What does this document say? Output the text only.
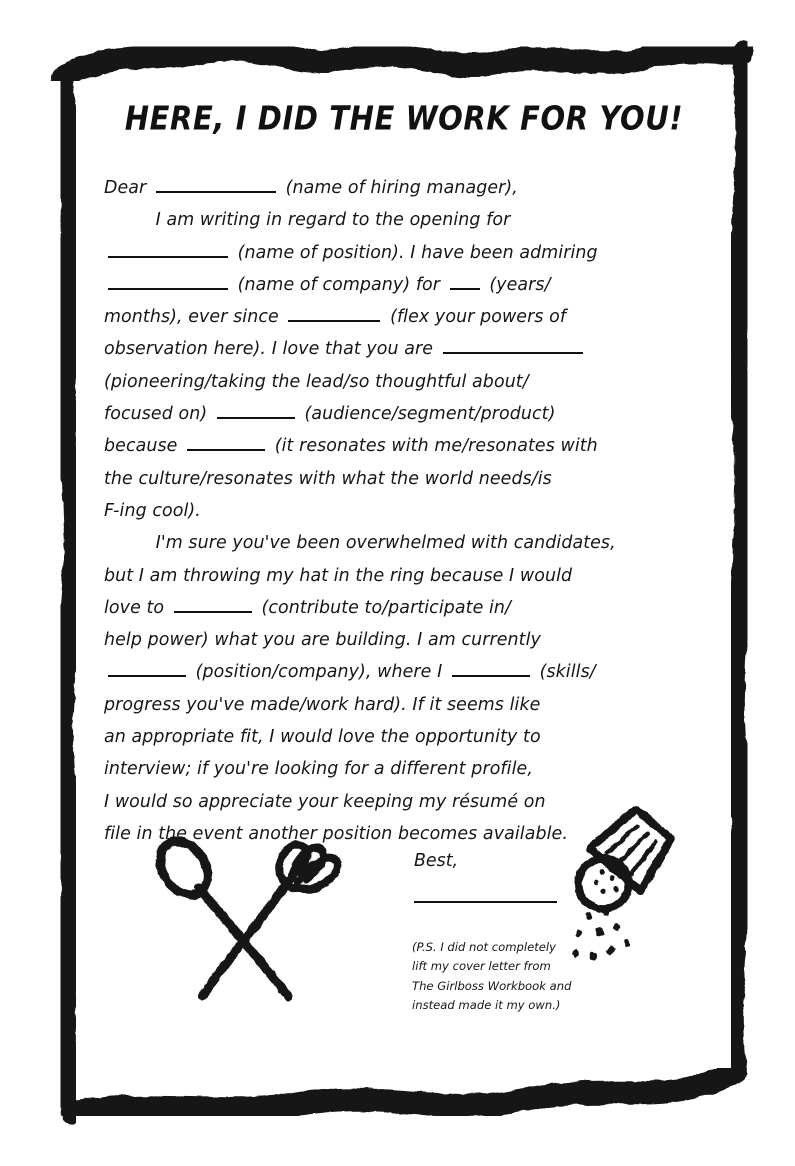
HERE, I DID THE WORK FOR YOU!
Dear	(name of hiring manager),
I am writing in regard to the opening for
(name of position). I have been admiring
(name of company) for	(years/
months), ever since	(flex your powers of
observation here). I love that you are
(pioneering/taking the lead/so thoughtful about/
focused on)	(audience/segment/product)
because	(it resonates with me/resonates with
the culture/resonates with what the world needs/is
F-ing cool).
I'm sure you've been overwhelmed with candidates,
but I am throwing my hat in the ring because I would
love to	(contribute to/participate in/
help power) what you are building. I am currently
(position/company), where I	(skills/
progress you've made/work hard). If it seems like
an appropriate fit, I would love the opportunity to
interview; if you're looking for a different profile,
I would so appreciate your keeping my résumé on
file in the event another position becomes available.
Best,
(P.S. I did not completely
lift my cover letter from
The Girlboss Workbook and
instead made it my own.)
